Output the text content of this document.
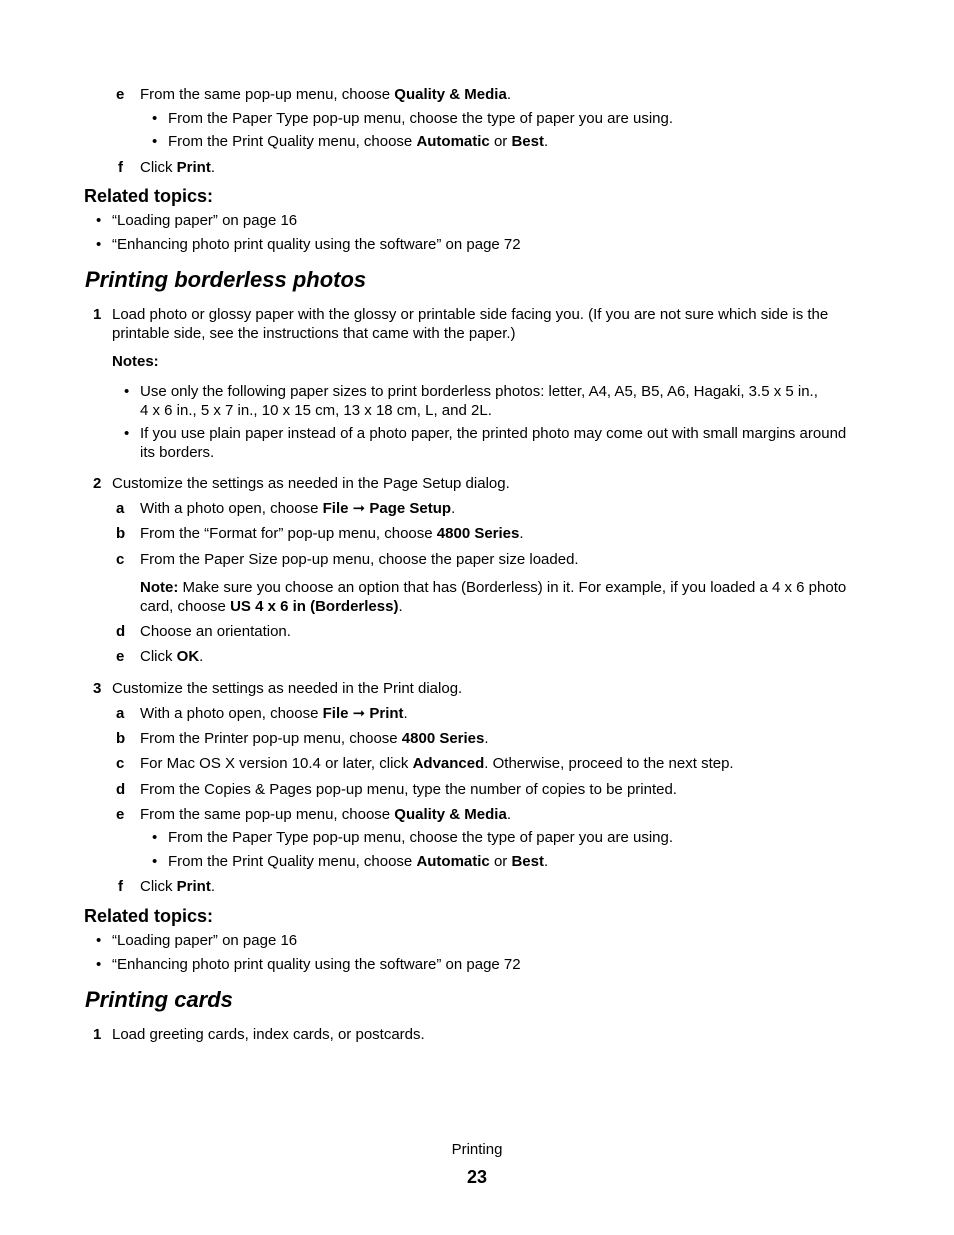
e From the same pop-up menu, choose Quality & Media.
• From the Paper Type pop-up menu, choose the type of paper you are using.
• From the Print Quality menu, choose Automatic or Best.
f Click Print.
Related topics:
• “Loading paper” on page 16
• “Enhancing photo print quality using the software” on page 72
Printing borderless photos
1 Load photo or glossy paper with the glossy or printable side facing you. (If you are not sure which side is the
printable side, see the instructions that came with the paper.)
Notes:
• Use only the following paper sizes to print borderless photos: letter, A4, A5, B5, A6, Hagaki, 3.5 x 5 in.,
4 x 6 in., 5 x 7 in., 10 x 15 cm, 13 x 18 cm, L, and 2L.
• If you use plain paper instead of a photo paper, the printed photo may come out with small margins around
its borders.
2 Customize the settings as needed in the Page Setup dialog.
a With a photo open, choose File ➞ Page Setup.
b From the “Format for” pop-up menu, choose 4800 Series.
c From the Paper Size pop-up menu, choose the paper size loaded.
Note: Make sure you choose an option that has (Borderless) in it. For example, if you loaded a 4 x 6 photo
card, choose US 4 x 6 in (Borderless).
d Choose an orientation.
e Click OK.
3 Customize the settings as needed in the Print dialog.
a With a photo open, choose File ➞ Print.
b From the Printer pop-up menu, choose 4800 Series.
c For Mac OS X version 10.4 or later, click Advanced. Otherwise, proceed to the next step.
d From the Copies & Pages pop-up menu, type the number of copies to be printed.
e From the same pop-up menu, choose Quality & Media.
• From the Paper Type pop-up menu, choose the type of paper you are using.
• From the Print Quality menu, choose Automatic or Best.
f Click Print.
Related topics:
• “Loading paper” on page 16
• “Enhancing photo print quality using the software” on page 72
Printing cards
1 Load greeting cards, index cards, or postcards.
Printing
23
